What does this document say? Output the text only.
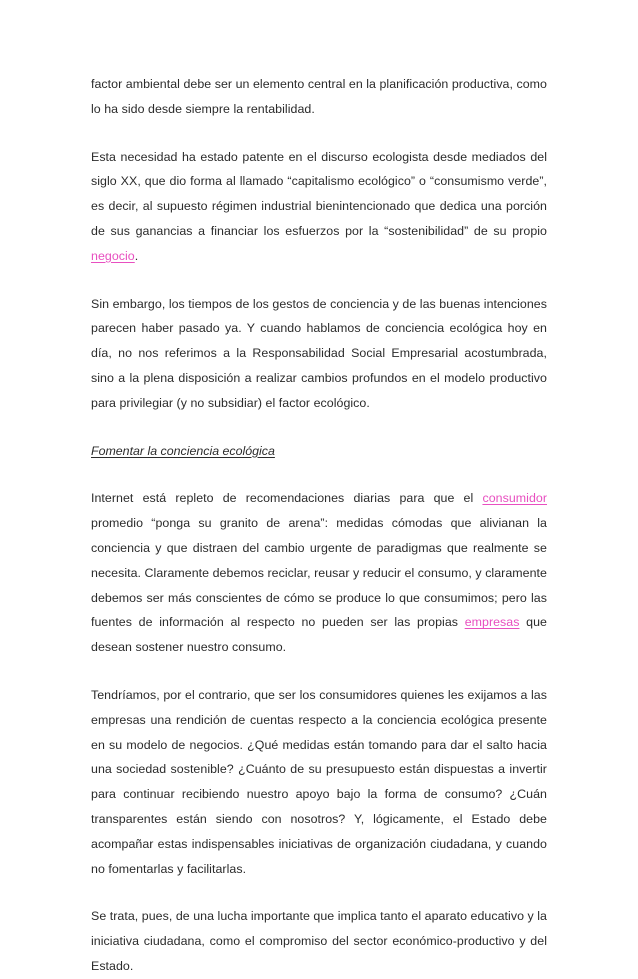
factor ambiental debe ser un elemento central en la planificación productiva, como lo ha sido desde siempre la rentabilidad.

Esta necesidad ha estado patente en el discurso ecologista desde mediados del siglo XX, que dio forma al llamado “capitalismo ecológico” o “consumismo verde”, es decir, al supuesto régimen industrial bienintencionado que dedica una porción de sus ganancias a financiar los esfuerzos por la “sostenibilidad” de su propio negocio.

Sin embargo, los tiempos de los gestos de conciencia y de las buenas intenciones parecen haber pasado ya. Y cuando hablamos de conciencia ecológica hoy en día, no nos referimos a la Responsabilidad Social Empresarial acostumbrada, sino a la plena disposición a realizar cambios profundos en el modelo productivo para privilegiar (y no subsidiar) el factor ecológico.

Fomentar la conciencia ecológica

Internet está repleto de recomendaciones diarias para que el consumidor promedio “ponga su granito de arena”: medidas cómodas que alivianan la conciencia y que distraen del cambio urgente de paradigmas que realmente se necesita. Claramente debemos reciclar, reusar y reducir el consumo, y claramente debemos ser más conscientes de cómo se produce lo que consumimos; pero las fuentes de información al respecto no pueden ser las propias empresas que desean sostener nuestro consumo.

Tendríamos, por el contrario, que ser los consumidores quienes les exijamos a las empresas una rendición de cuentas respecto a la conciencia ecológica presente en su modelo de negocios. ¿Qué medidas están tomando para dar el salto hacia una sociedad sostenible? ¿Cuánto de su presupuesto están dispuestas a invertir para continuar recibiendo nuestro apoyo bajo la forma de consumo? ¿Cuán transparentes están siendo con nosotros? Y, lógicamente, el Estado debe acompañar estas indispensables iniciativas de organización ciudadana, y cuando no fomentarlas y facilitarlas.

Se trata, pues, de una lucha importante que implica tanto el aparato educativo y la iniciativa ciudadana, como el compromiso del sector económico-productivo y del Estado.
